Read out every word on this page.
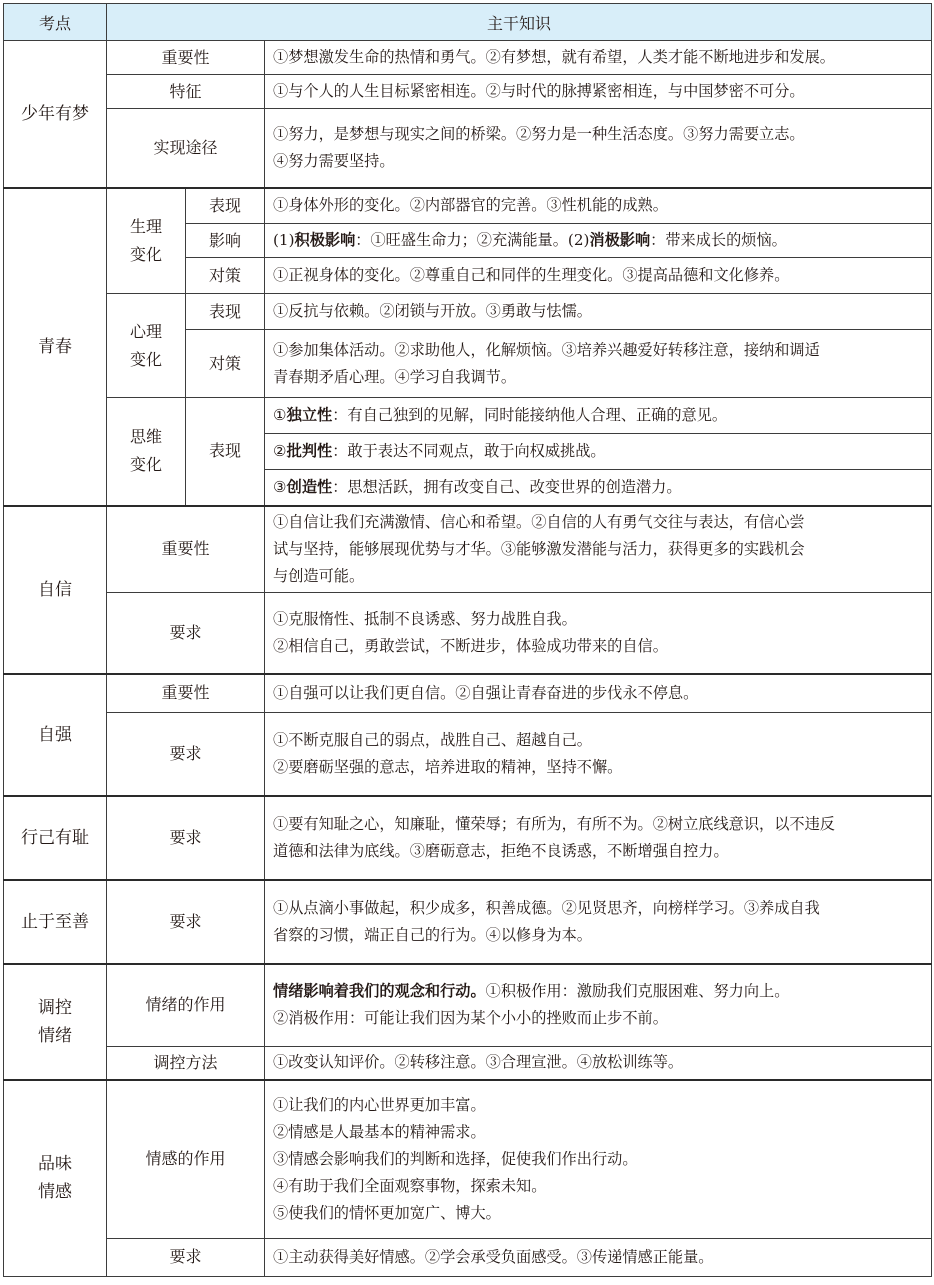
考点	主干知识		
少年有梦	重要性		①梦想激发生命的热情和勇气。②有梦想，就有希望，人类才能不断地进步和发展。

	特征		①与个人的人生目标紧密相连。②与时代的脉搏紧密相连，与中国梦密不可分。

	实现途径		①努力，是梦想与现实之间的桥梁。②努力是一种生活态度。③努力需要立志。
④努力需要坚持。

青春	生理变化	表现	①身体外形的变化。②内部器官的完善。③性机能的成熟。

		影响	(1)积极影响：①旺盛生命力；②充满能量。(2)消极影响：带来成长的烦恼。

		对策	①正视身体的变化。②尊重自己和同伴的生理变化。③提高品德和文化修养。

	心理变化	表现	①反抗与依赖。②闭锁与开放。③勇敢与怯懦。

		对策	①参加集体活动。②求助他人，化解烦恼。③培养兴趣爱好转移注意，接纳和调适
青春期矛盾心理。④学习自我调节。

	思维变化	表现	①独立性：有自己独到的见解，同时能接纳他人合理、正确的意见。

			②批判性：敢于表达不同观点，敢于向权威挑战。

			③创造性：思想活跃，拥有改变自己、改变世界的创造潜力。

自信	重要性		①自信让我们充满激情、信心和希望。②自信的人有勇气交往与表达，有信心尝
试与坚持，能够展现优势与才华。③能够激发潜能与活力，获得更多的实践机会
与创造可能。

	要求		①克服惰性、抵制不良诱惑、努力战胜自我。
②相信自己，勇敢尝试，不断进步，体验成功带来的自信。

自强	重要性		①自强可以让我们更自信。②自强让青春奋进的步伐永不停息。

	要求		①不断克服自己的弱点，战胜自己、超越自己。
②要磨砺坚强的意志，培养进取的精神，坚持不懈。

行己有耻	要求		①要有知耻之心，知廉耻，懂荣辱；有所为，有所不为。②树立底线意识，以不违反
道德和法律为底线。③磨砺意志，拒绝不良诱惑，不断增强自控力。

止于至善	要求		①从点滴小事做起，积少成多，积善成德。②见贤思齐，向榜样学习。③养成自我
省察的习惯，端正自己的行为。④以修身为本。

调控情绪	情绪的作用		情绪影响着我们的观念和行动。①积极作用：激励我们克服困难、努力向上。
②消极作用：可能让我们因为某个小小的挫败而止步不前。

	调控方法		①改变认知评价。②转移注意。③合理宣泄。④放松训练等。

品味情感	情感的作用		①让我们的内心世界更加丰富。
②情感是人最基本的精神需求。
③情感会影响我们的判断和选择，促使我们作出行动。
④有助于我们全面观察事物，探索未知。
⑤使我们的情怀更加宽广、博大。

	要求		①主动获得美好情感。②学会承受负面感受。③传递情感正能量。
